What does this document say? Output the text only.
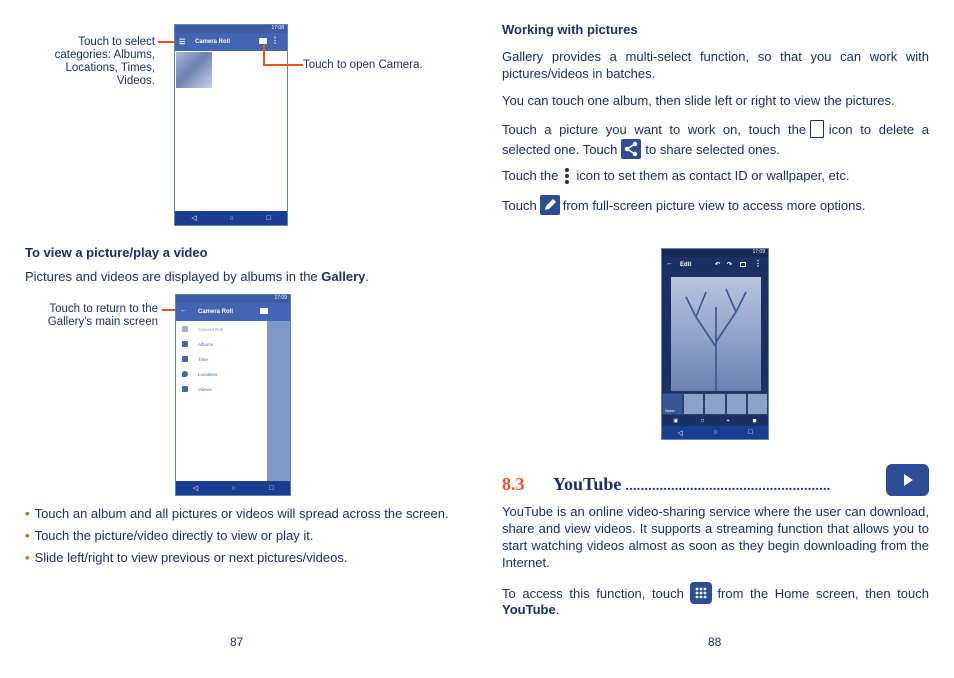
Touch to select
categories: Albums,
Locations, Times,
Videos.
17:08
☰ Camera Roll	⋮
◁	○	□
Touch to open Camera.
To view a picture/play a video
Pictures and videos are displayed by albums in the Gallery.
Touch to return to the
Gallery's main screen
17:09
← Camera Roll
Camera Roll
Albums
Time
Locations
Videos
◁	○	□
• Touch an album and all pictures or videos will spread across the screen.
• Touch the picture/video directly to view or play it.
• Slide left/right to view previous or next pictures/videos.
87
Working with pictures
Gallery provides a multi-select function, so that you can work with pictures/videos in batches.
You can touch one album, then slide left or right to view the pictures.
Touch a picture you want to work on, touch the icon to delete a
selected one. Touch to share selected ones.
Touch the icon to set them as contact ID or wallpaper, etc.
Touch from full-screen picture view to access more options.
17:09
← Edit	↶ ↷	⋮
None
▣	□	⌖	◼
◁	○	□
8.3	YouTube ......................................................
YouTube is an online video-sharing service where the user can download, share and view videos. It supports a streaming function that allows you to start watching videos almost as soon as they begin downloading from the Internet.
To access this function, touch	from the Home screen, then touch
YouTube.
88
